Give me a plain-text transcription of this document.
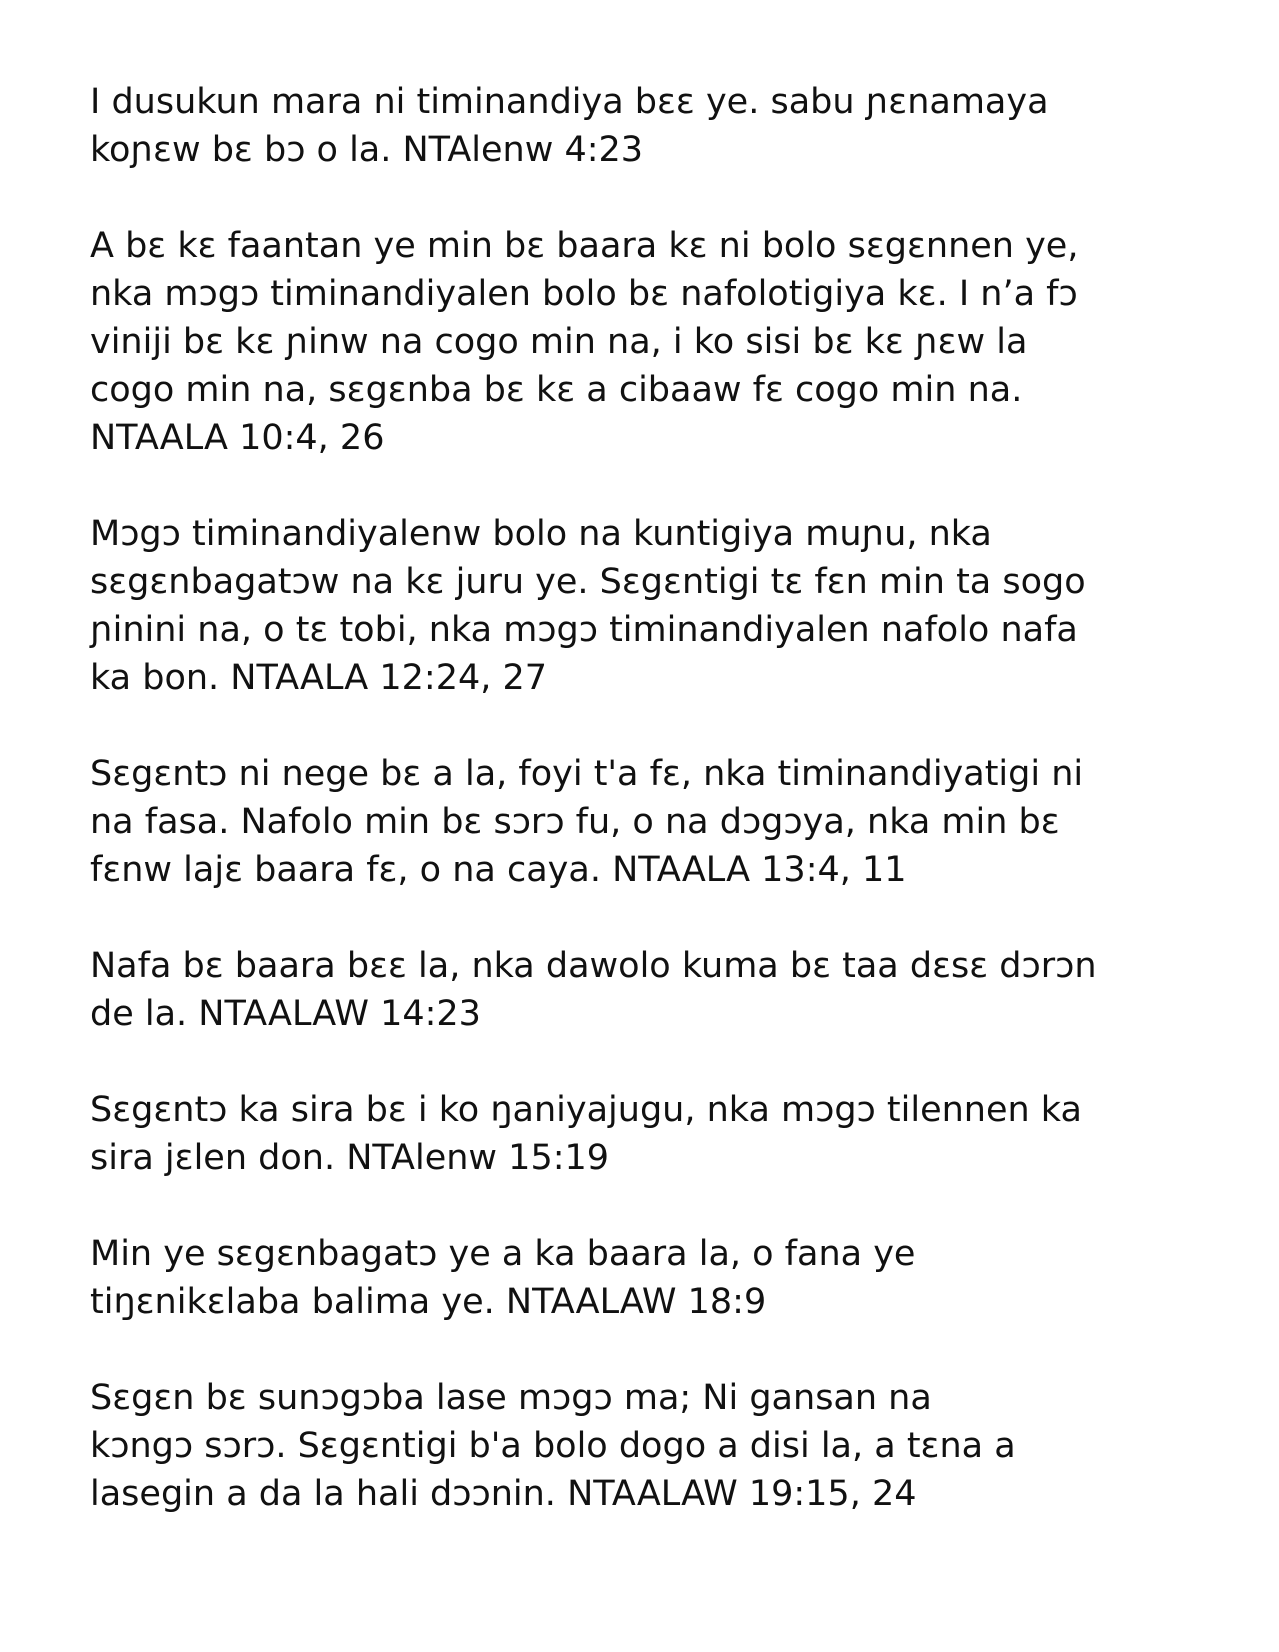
I dusukun mara ni timinandiya bɛɛ ye. sabu ɲɛnamaya
koɲɛw bɛ bɔ o la. NTAlenw 4:23

A bɛ kɛ faantan ye min bɛ baara kɛ ni bolo sɛgɛnnen ye,
nka mɔgɔ timinandiyalen bolo bɛ nafolotigiya kɛ. I n’a fɔ
viniji bɛ kɛ ɲinw na cogo min na, i ko sisi bɛ kɛ ɲɛw la
cogo min na, sɛgɛnba bɛ kɛ a cibaaw fɛ cogo min na.
NTAALA 10:4, 26

Mɔgɔ timinandiyalenw bolo na kuntigiya muɲu, nka
sɛgɛnbagatɔw na kɛ juru ye. Sɛgɛntigi tɛ fɛn min ta sogo
ɲinini na, o tɛ tobi, nka mɔgɔ timinandiyalen nafolo nafa
ka bon. NTAALA 12:24, 27

Sɛgɛntɔ ni nege bɛ a la, foyi t'a fɛ, nka timinandiyatigi ni
na fasa. Nafolo min bɛ sɔrɔ fu, o na dɔgɔya, nka min bɛ
fɛnw lajɛ baara fɛ, o na caya. NTAALA 13:4, 11

Nafa bɛ baara bɛɛ la, nka dawolo kuma bɛ taa dɛsɛ dɔrɔn
de la. NTAALAW 14:23

Sɛgɛntɔ ka sira bɛ i ko ŋaniyajugu, nka mɔgɔ tilennen ka
sira jɛlen don. NTAlenw 15:19

Min ye sɛgɛnbagatɔ ye a ka baara la, o fana ye
tiŋɛnikɛlaba balima ye. NTAALAW 18:9

Sɛgɛn bɛ sunɔgɔba lase mɔgɔ ma; Ni gansan na
kɔngɔ sɔrɔ. Sɛgɛntigi b'a bolo dogo a disi la, a tɛna a
lasegin a da la hali dɔɔnin. NTAALAW 19:15, 24
